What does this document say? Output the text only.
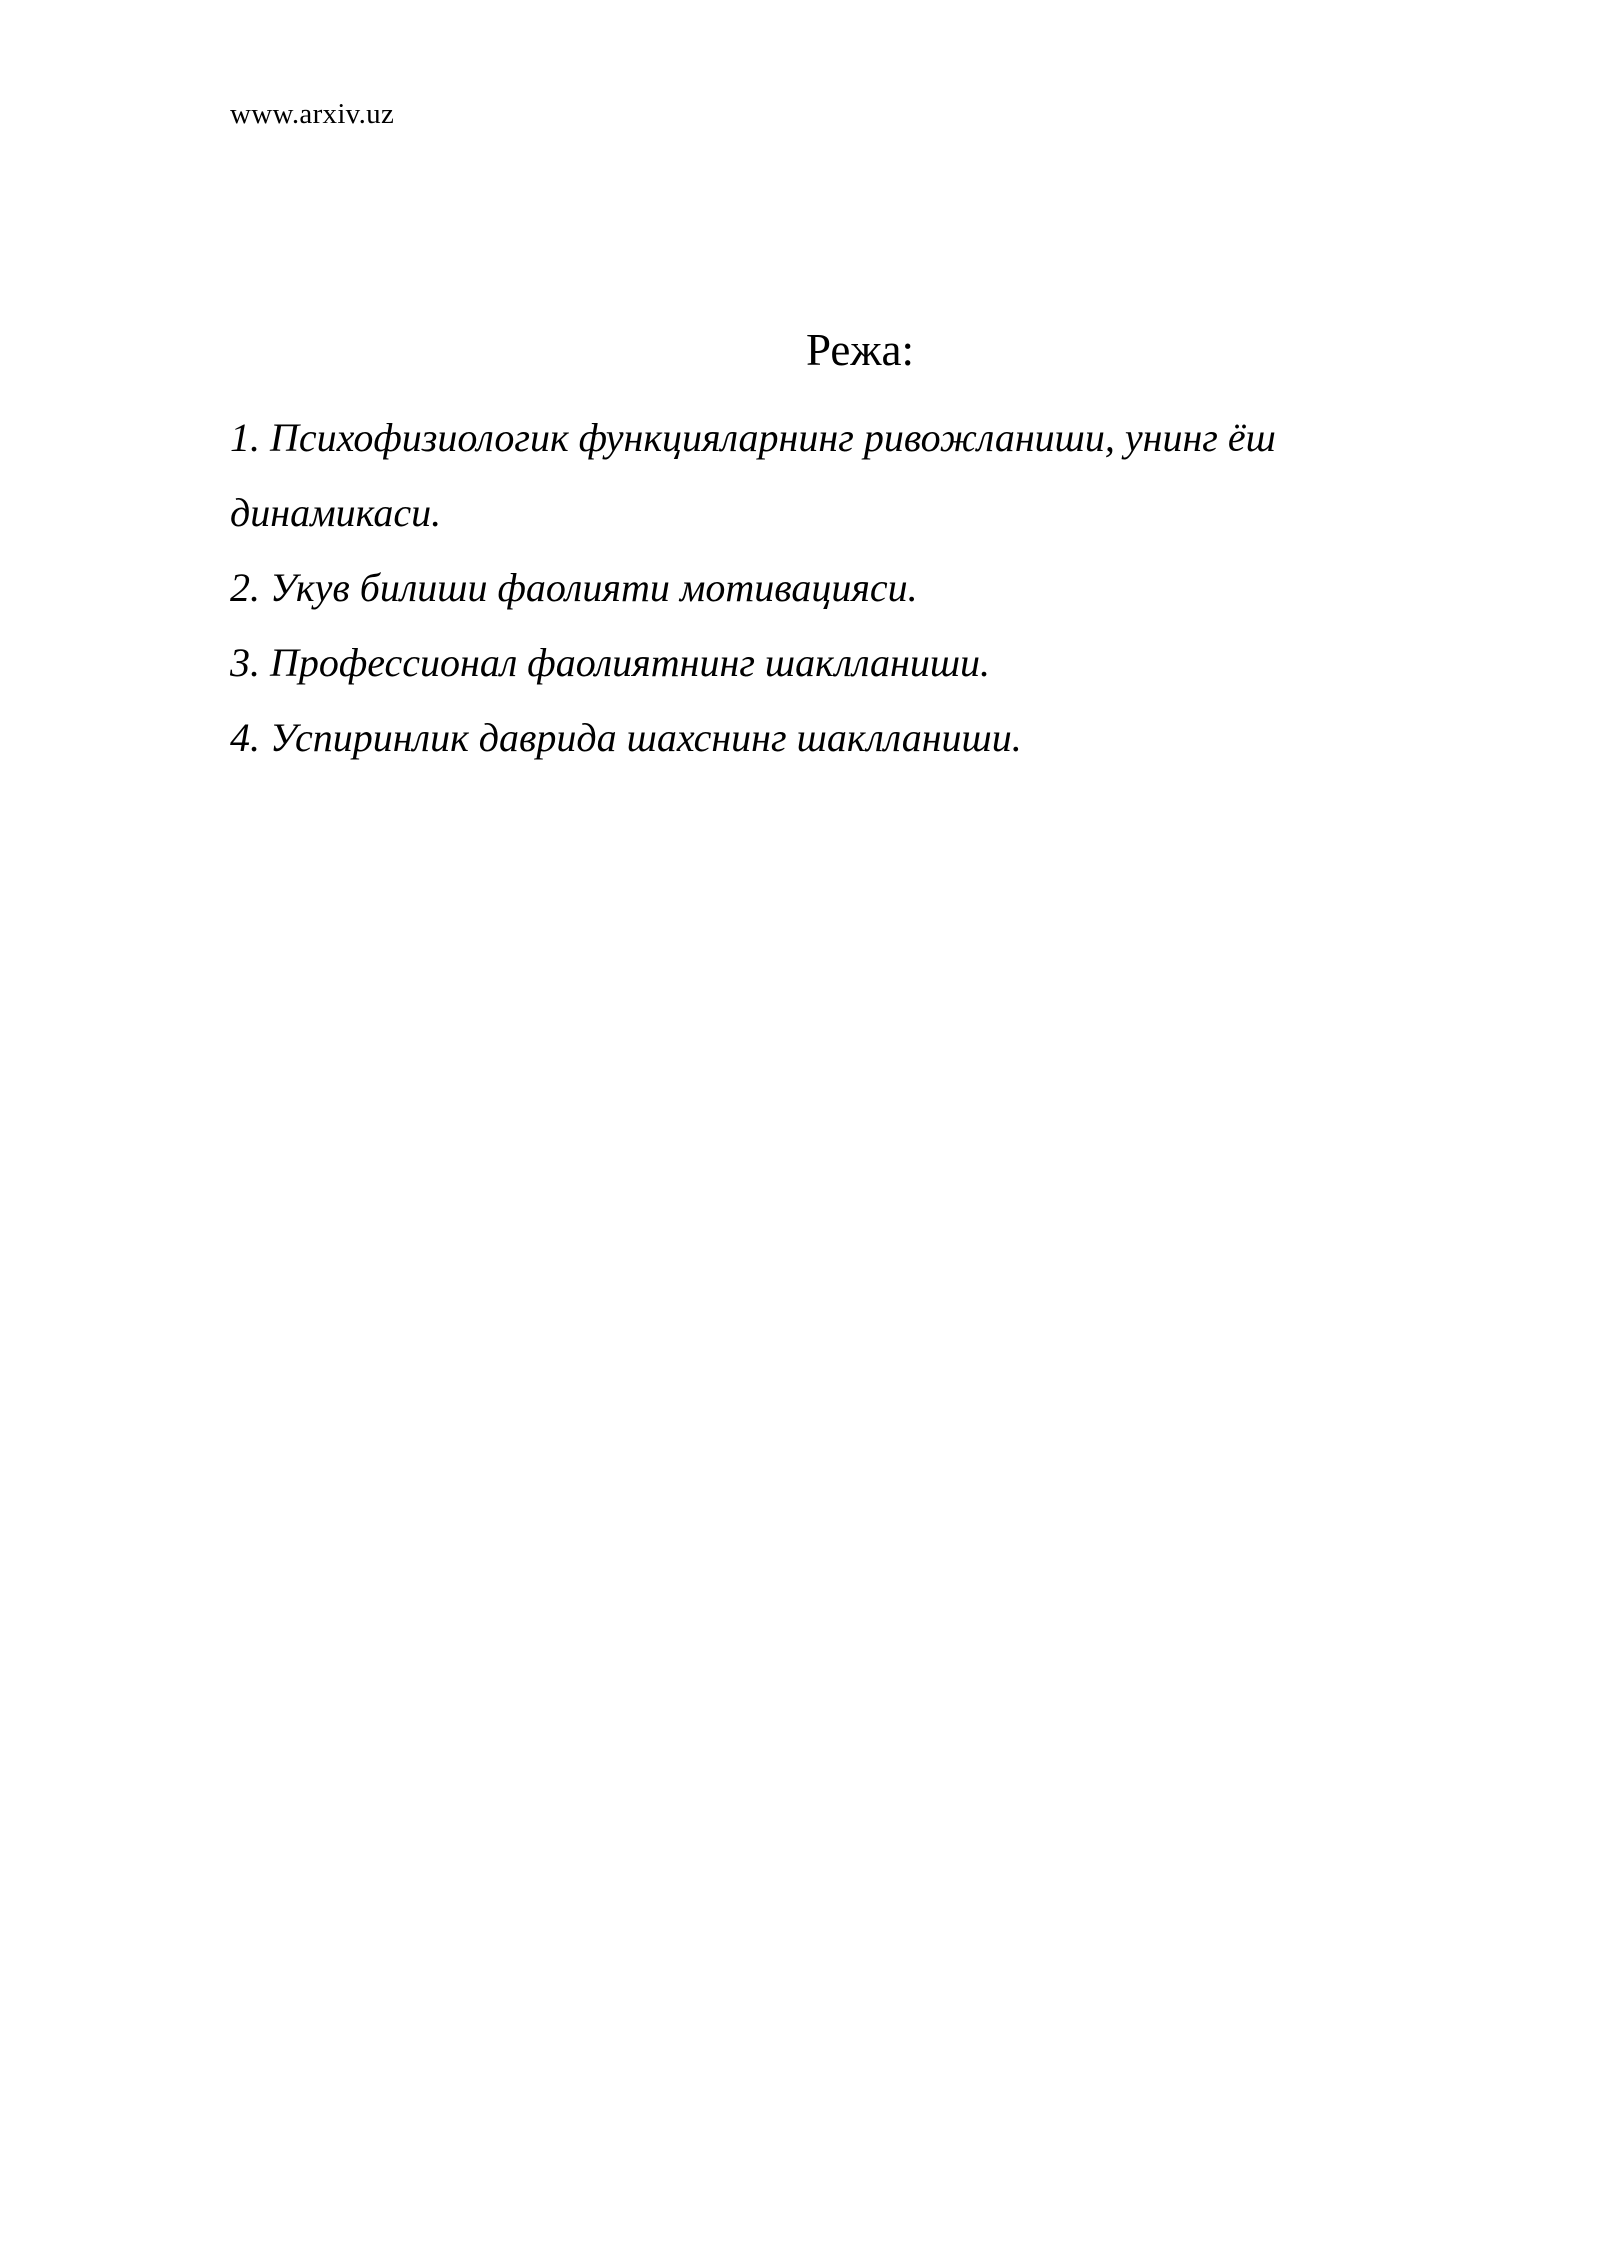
www.arxiv.uz
Режа:
1. Психофизиологик функцияларнинг ривожланиши, унинг ёш динамикаси.
2. Укув билиши фаолияти мотивацияси.
3. Профессионал фаолиятнинг шаклланиши.
4. Успиринлик даврида шахснинг шаклланиши.
